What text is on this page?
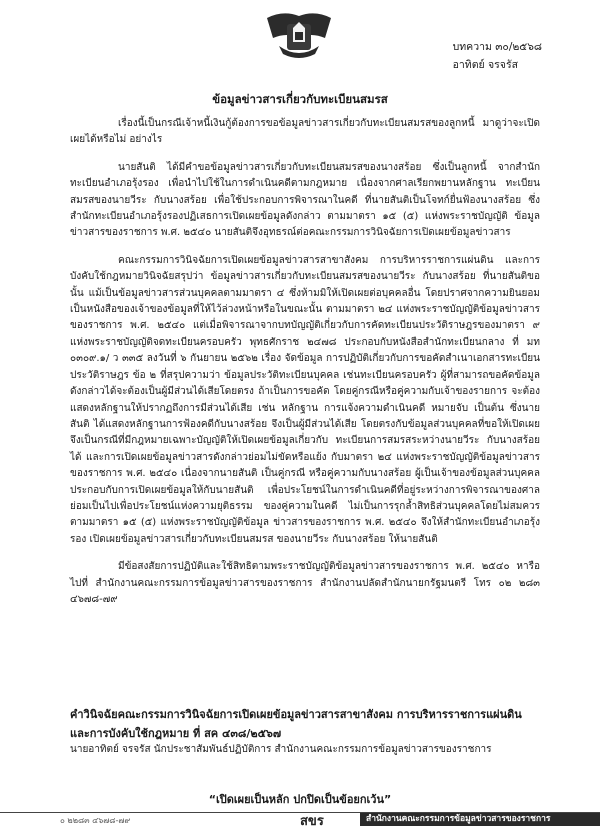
บทความ ๓๐/๒๕๖๘
อาทิตย์ จรจรัส
ข้อมูลข่าวสารเกี่ยวกับทะเบียนสมรส

เรื่องนี้เป็นกรณีเจ้าหนี้เงินกู้ต้องการขอข้อมูลข่าวสารเกี่ยวกับทะเบียนสมรสของลูกหนี้ มาดูว่าจะเปิดเผยได้หรือไม่ อย่างไร

นายสันติ ได้มีคำขอข้อมูลข่าวสารเกี่ยวกับทะเบียนสมรสของนางสร้อย ซึ่งเป็นลูกหนี้ จากสำนักทะเบียนอำเภอรุ้งรอง เพื่อนำไปใช้ในการดำเนินคดีตามกฎหมาย เนื่องจากศาลเรียกพยานหลักฐาน ทะเบียนสมรสของนายวีระ กับนางสร้อย เพื่อใช้ประกอบการพิจารณาในคดี ที่นายสันติเป็นโจทก์ยื่นฟ้องนางสร้อย ซึ่งสำนักทะเบียนอำเภอรุ้งรองปฏิเสธการเปิดเผยข้อมูลดังกล่าว ตามมาตรา ๑๕ (๕) แห่งพระราชบัญญัติ ข้อมูลข่าวสารของราชการ พ.ศ. ๒๕๔๐ นายสันติจึงอุทธรณ์ต่อคณะกรรมการวินิจฉัยการเปิดเผยข้อมูลข่าวสาร

คณะกรรมการวินิจฉัยการเปิดเผยข้อมูลข่าวสารสาขาสังคม การบริหารราชการแผ่นดิน และการบังคับใช้กฎหมายวินิจฉัยสรุปว่า ข้อมูลข่าวสารเกี่ยวกับทะเบียนสมรสของนายวีระ กับนางสร้อย ที่นายสันติขอนั้น แม้เป็นข้อมูลข่าวสารส่วนบุคคลตามมาตรา ๔ ซึ่งห้ามมิให้เปิดเผยต่อบุคคลอื่น โดยปราศจากความยินยอม เป็นหนังสือของเจ้าของข้อมูลที่ให้ไว้ล่วงหน้าหรือในขณะนั้น ตามมาตรา ๒๔ แห่งพระราชบัญญัติข้อมูลข่าวสาร ของราชการ พ.ศ. ๒๕๔๐ แต่เมื่อพิจารณาจากบทบัญญัติเกี่ยวกับการคัดทะเบียนประวัติราษฎรของมาตรา ๙ แห่งพระราชบัญญัติจดทะเบียนครอบครัว พุทธศักราช ๒๔๗๘ ประกอบกับหนังสือสำนักทะเบียนกลาง ที่ มท ๐๓๐๙.๑/ ว ๓๓๕ ลงวันที่ ๖ กันยายน ๒๕๖๒ เรื่อง จัดข้อมูล การปฏิบัติเกี่ยวกับการขอคัดสำเนาเอกสารทะเบียนประวัติราษฎร ข้อ ๒ ที่สรุปความว่า ข้อมูลประวัติทะเบียนบุคคล เช่นทะเบียนครอบครัว ผู้ที่สามารถขอคัดข้อมูลดังกล่าวได้จะต้องเป็นผู้มีส่วนได้เสียโดยตรง ถ้าเป็นการขอคัด โดยคู่กรณีหรือคู่ความกับเจ้าของรายการ จะต้องแสดงหลักฐานให้ปรากฏถึงการมีส่วนได้เสีย เช่น หลักฐาน การแจ้งความดำเนินคดี หมายจับ เป็นต้น ซึ่งนายสันติ ได้แสดงหลักฐานการฟ้องคดีกับนางสร้อย จึงเป็นผู้มีส่วนได้เสีย โดยตรงกับข้อมูลส่วนบุคคลที่ขอให้เปิดเผย จึงเป็นกรณีที่มีกฎหมายเฉพาะบัญญัติให้เปิดเผยข้อมูลเกี่ยวกับ ทะเบียนการสมรสระหว่างนายวีระ กับนางสร้อยได้ และการเปิดเผยข้อมูลข่าวสารดังกล่าวย่อมไม่ขัดหรือแย้ง กับมาตรา ๒๔ แห่งพระราชบัญญัติข้อมูลข่าวสารของราชการ พ.ศ. ๒๕๔๐ เนื่องจากนายสันติ เป็นคู่กรณี หรือคู่ความกับนางสร้อย ผู้เป็นเจ้าของข้อมูลส่วนบุคคล ประกอบกับการเปิดเผยข้อมูลให้กับนายสันติ เพื่อประโยชน์ในการดำเนินคดีที่อยู่ระหว่างการพิจารณาของศาลย่อมเป็นไปเพื่อประโยชน์แห่งความยุติธรรม ของคู่ความในคดี ไม่เป็นการรุกล้ำสิทธิส่วนบุคคลโดยไม่สมควรตามมาตรา ๑๕ (๕) แห่งพระราชบัญญัติข้อมูล ข่าวสารของราชการ พ.ศ. ๒๕๔๐ จึงให้สำนักทะเบียนอำเภอรุ้งรอง เปิดเผยข้อมูลข่าวสารเกี่ยวกับทะเบียนสมรส ของนายวีระ กับนางสร้อย ให้นายสันติ

มีข้อสงสัยการปฏิบัติและใช้สิทธิตามพระราชบัญญัติข้อมูลข่าวสารของราชการ พ.ศ. ๒๕๔๐ หารือไปที่ สำนักงานคณะกรรมการข้อมูลข่าวสารของราชการ สำนักงานปลัดสำนักนายกรัฐมนตรี โทร ๐๒ ๒๘๓ ๔๖๗๘-๗๙

คำวินิจฉัยคณะกรรมการวินิจฉัยการเปิดเผยข้อมูลข่าวสารสาขาสังคม การบริหารราชการแผ่นดิน และการบังคับใช้กฎหมาย ที่ สค ๔๓๘/๒๕๖๗
นายอาทิตย์ จรจรัส นักประชาสัมพันธ์ปฏิบัติการ สำนักงานคณะกรรมการข้อมูลข่าวสารของราชการ
“เปิดเผยเป็นหลัก ปกปิดเป็นข้อยกเว้น”
๐ ๒๒๘๓ ๔๖๗๘-๗๙	สขร	สำนักงานคณะกรรมการข้อมูลข่าวสารของราชการ
